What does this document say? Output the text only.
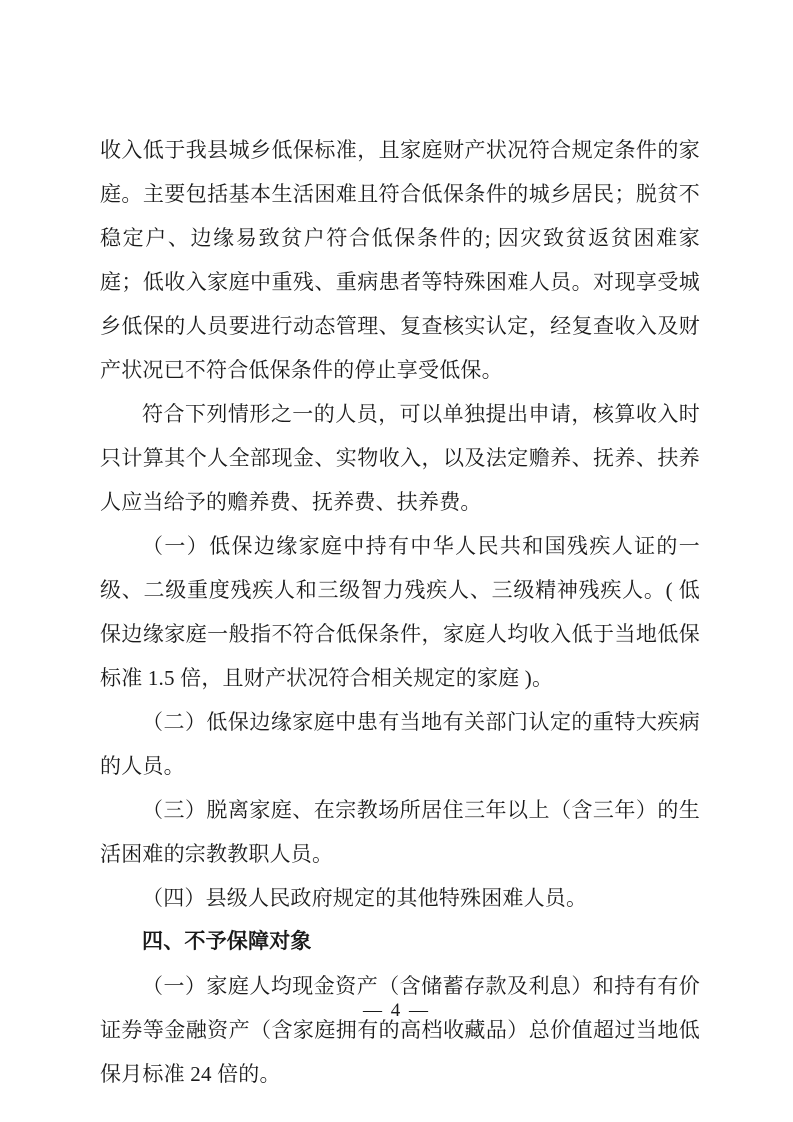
收入低于我县城乡低保标准，且家庭财产状况符合规定条件的家庭。主要包括基本生活困难且符合低保条件的城乡居民；脱贫不稳定户、边缘易致贫户符合低保条件的; 因灾致贫返贫困难家庭；低收入家庭中重残、重病患者等特殊困难人员。对现享受城乡低保的人员要进行动态管理、复查核实认定，经复查收入及财产状况已不符合低保条件的停止享受低保。

符合下列情形之一的人员，可以单独提出申请，核算收入时只计算其个人全部现金、实物收入，以及法定赡养、抚养、扶养人应当给予的赡养费、抚养费、扶养费。

（一）低保边缘家庭中持有中华人民共和国残疾人证的一级、二级重度残疾人和三级智力残疾人、三级精神残疾人。( 低保边缘家庭一般指不符合低保条件，家庭人均收入低于当地低保标准 1.5 倍，且财产状况符合相关规定的家庭 )。

（二）低保边缘家庭中患有当地有关部门认定的重特大疾病的人员。

（三）脱离家庭、在宗教场所居住三年以上（含三年）的生活困难的宗教教职人员。

（四）县级人民政府规定的其他特殊困难人员。

四、不予保障对象

（一）家庭人均现金资产（含储蓄存款及利息）和持有有价证券等金融资产（含家庭拥有的高档收藏品）总价值超过当地低保月标准 24 倍的。

— 4 —
